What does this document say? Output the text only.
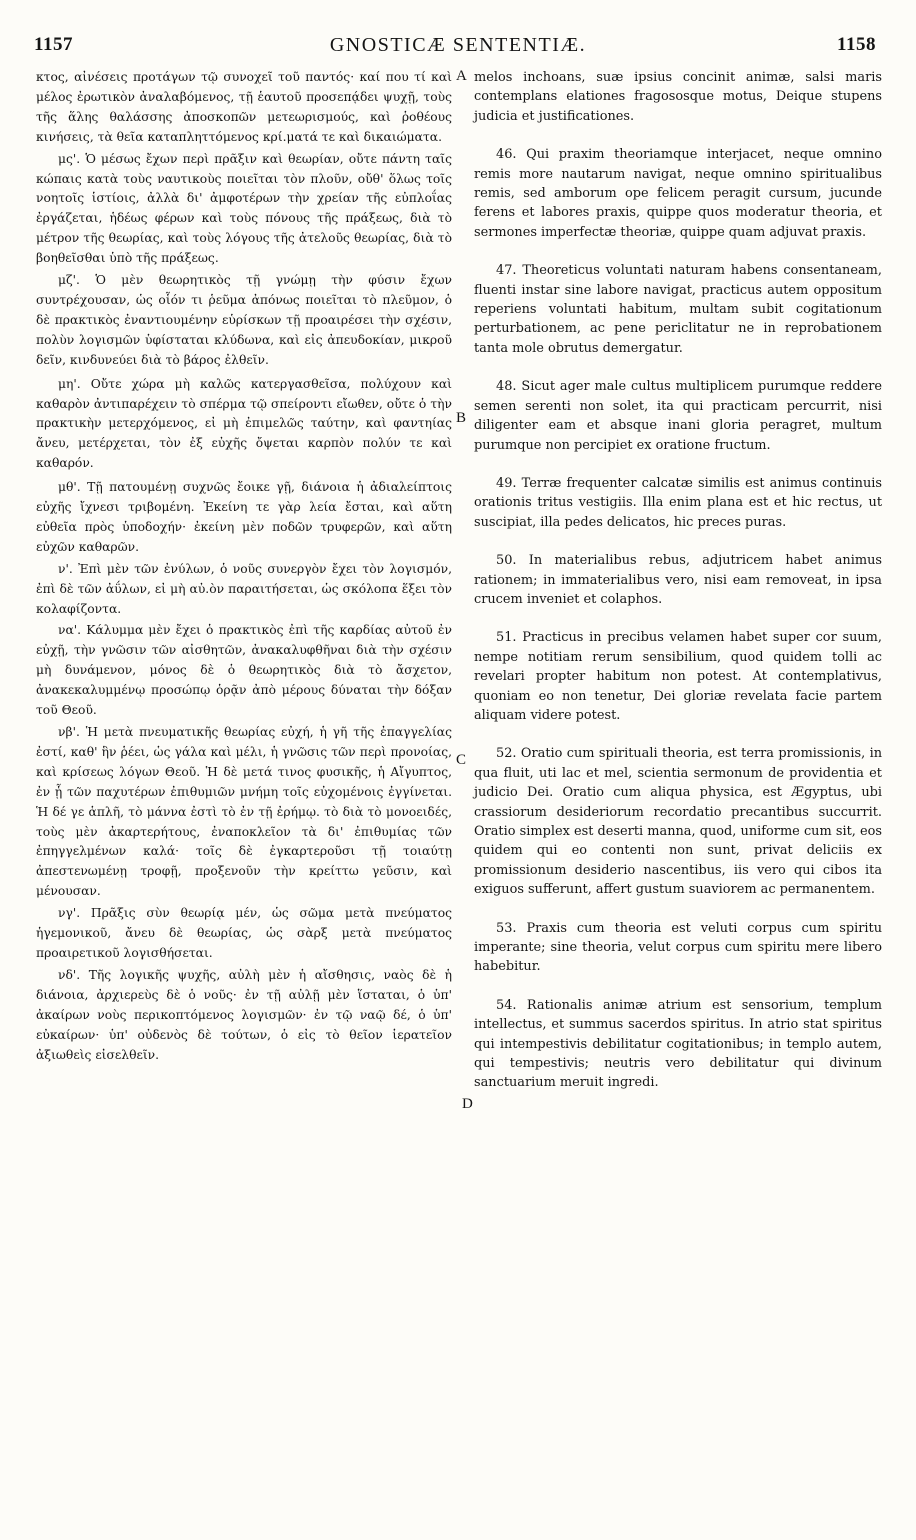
1157	GNOSTICÆ SENTENTIÆ.	1158

κτος, αἰνέσεις προτάγων τῷ συνοχεῖ τοῦ παντός· καί που τί καὶ μέλος ἐρωτικὸν ἀναλαβόμενος, τῇ ἑαυτοῦ προσεπᾴδει ψυχῇ, τοὺς τῆς ἅλης θαλάσσης ἀποσκοπῶν μετεωρισμούς, καὶ ῥοθέους κινήσεις, τὰ θεῖα καταπληττόμενος κρί.ματά τε καὶ δικαιώματα.

μς'. Ὁ μέσως ἔχων περὶ πρᾶξιν καὶ θεωρίαν, οὔτε πάντη ταῖς κώπαις κατὰ τοὺς ναυτικοὺς ποιεῖται τὸν πλοῦν, οὔθ' ὅλως τοῖς νοητοῖς ἱστίοις, ἀλλὰ δι' ἀμφοτέρων τὴν χρείαν τῆς εὐπλοΐας ἐργάζεται, ἡδέως φέρων καὶ τοὺς πόνους τῆς πράξεως, διὰ τὸ μέτρον τῆς θεωρίας, καὶ τοὺς λόγους τῆς ἀτελοῦς θεωρίας, διὰ τὸ βοηθεῖσθαι ὑπὸ τῆς πράξεως.

μζ'. Ὁ μὲν θεωρητικὸς τῇ γνώμῃ τὴν φύσιν ἔχων συντρέχουσαν, ὡς οἷόν τι ῥεῦμα ἀπόνως ποιεῖται τὸ πλεῦμον, ὁ δὲ πρακτικὸς ἐναντιουμένην εὑρίσκων τῇ προαιρέσει τὴν σχέσιν, πολὺν λογισμῶν ὑφίσταται κλύδωνα, καὶ εἰς ἀπευδοκίαν, μικροῦ δεῖν, κινδυνεύει διὰ τὸ βάρος ἐλθεῖν.

μη'. Οὔτε χώρα μὴ καλῶς κατεργασθεῖσα, πολύχουν καὶ καθαρὸν ἀντιπαρέχειν τὸ σπέρμα τῷ σπείροντι εἴωθεν, οὔτε ὁ τὴν πρακτικὴν μετερχόμενος, εἰ μὴ ἐπιμελῶς ταύτην, καὶ φαντηίας ἄνευ, μετέρχεται, τὸν ἐξ εὐχῆς ὄψεται καρπὸν πολύν τε καὶ καθαρόν.

μθ'. Τῇ πατουμένῃ συχνῶς ἔοικε γῇ, διάνοια ἡ ἀδιαλείπτοις εὐχῆς ἴχνεσι τριβομένη. Ἐκείνη τε γὰρ λεία ἔσται, καὶ αὕτη εὐθεῖα πρὸς ὑποδοχήν· ἐκείνη μὲν ποδῶν τρυφερῶν, καὶ αὕτη εὐχῶν καθαρῶν.

ν'. Ἐπὶ μὲν τῶν ἐνύλων, ὁ νοῦς συνεργὸν ἔχει τὸν λογισμόν, ἐπὶ δὲ τῶν ἀΰλων, εἰ μὴ αὐ.ὸν παραιτήσεται, ὡς σκόλοπα ἕξει τὸν κολαφίζοντα.

να'. Κάλυμμα μὲν ἔχει ὁ πρακτικὸς ἐπὶ τῆς καρδίας αὐτοῦ ἐν εὐχῇ, τὴν γνῶσιν τῶν αἰσθητῶν, ἀνακαλυφθῆναι διὰ τὴν σχέσιν μὴ δυνάμενον, μόνος δὲ ὁ θεωρητικὸς διὰ τὸ ἄσχετον, ἀνακεκαλυμμένῳ προσώπῳ ὁρᾷν ἀπὸ μέρους δύναται τὴν δόξαν τοῦ Θεοῦ.

νβ'. Ἡ μετὰ πνευματικῆς θεωρίας εὐχή, ἡ γῆ τῆς ἐπαγγελίας ἐστί, καθ' ἣν ῥέει, ὡς γάλα καὶ μέλι, ἡ γνῶσις τῶν περὶ προνοίας, καὶ κρίσεως λόγων Θεοῦ. Ἡ δὲ μετά τινος φυσικῆς, ἡ Αἴγυπτος, ἐν ᾗ τῶν παχυτέρων ἐπιθυμιῶν μνήμη τοῖς εὐχομένοις ἐγγίνεται. Ἡ δέ γε ἁπλῆ, τὸ μάννα ἐστὶ τὸ ἐν τῇ ἐρήμῳ. τὸ διὰ τὸ μονοειδές, τοὺς μὲν ἀκαρτερήτους, ἐναποκλεῖον τὰ δι' ἐπιθυμίας τῶν ἐπηγγελμένων καλά· τοῖς δὲ ἐγκαρτεροῦσι τῇ τοιαύτῃ ἀπεστενωμένῃ τροφῇ, προξενοῦν τὴν κρείττω γεῦσιν, καὶ μένουσαν.

νγ'. Πρᾶξις σὺν θεωρίᾳ μέν, ὡς σῶμα μετὰ πνεύματος ἡγεμονικοῦ, ἄνευ δὲ θεωρίας, ὡς σὰρξ μετὰ πνεύματος προαιρετικοῦ λογισθήσεται.

νδ'. Τῆς λογικῆς ψυχῆς, αὐλὴ μὲν ἡ αἴσθησις, ναὸς δὲ ἡ διάνοια, ἀρχιερεὺς δὲ ὁ νοῦς· ἐν τῇ αὐλῇ μὲν ἵσταται, ὁ ὑπ' ἀκαίρων νοὺς περικοπτόμενος λογισμῶν· ἐν τῷ ναῷ δέ, ὁ ὑπ' εὐκαίρων· ὑπ' οὐδενὸς δὲ τούτων, ὁ εἰς τὸ θεῖον ἱερατεῖον ἀξιωθεὶς εἰσελθεῖν.

A
B
C
D

melos inchoans, suæ ipsius concinit animæ, salsi maris contemplans elationes fragososque motus, Deique stupens judicia et justificationes.

46. Qui praxim theoriamque interjacet, neque omnino remis more nautarum navigat, neque omnino spiritualibus remis, sed amborum ope felicem peragit cursum, jucunde ferens et labores praxis, quippe quos moderatur theoria, et sermones imperfectæ theoriæ, quippe quam adjuvat praxis.

47. Theoreticus voluntati naturam habens consentaneam, fluenti instar sine labore navigat, practicus autem oppositum reperiens voluntati habitum, multam subit cogitationum perturbationem, ac pene periclitatur ne in reprobationem tanta mole obrutus demergatur.

48. Sicut ager male cultus multiplicem purumque reddere semen serenti non solet, ita qui practicam percurrit, nisi diligenter eam et absque inani gloria peragret, multum purumque non percipiet ex oratione fructum.

49. Terræ frequenter calcatæ similis est animus continuis orationis tritus vestigiis. Illa enim plana est et hic rectus, ut suscipiat, illa pedes delicatos, hic preces puras.

50. In materialibus rebus, adjutricem habet animus rationem; in immaterialibus vero, nisi eam removeat, in ipsa crucem inveniet et colaphos.

51. Practicus in precibus velamen habet super cor suum, nempe notitiam rerum sensibilium, quod quidem tolli ac revelari propter habitum non potest. At contemplativus, quoniam eo non tenetur, Dei gloriæ revelata facie partem aliquam videre potest.

52. Oratio cum spirituali theoria, est terra promissionis, in qua fluit, uti lac et mel, scientia sermonum de providentia et judicio Dei. Oratio cum aliqua physica, est Ægyptus, ubi crassiorum desideriorum recordatio precantibus succurrit. Oratio simplex est deserti manna, quod, uniforme cum sit, eos quidem qui eo contenti non sunt, privat deliciis ex promissionum desiderio nascentibus, iis vero qui cibos ita exiguos sufferunt, affert gustum suaviorem ac permanentem.

53. Praxis cum theoria est veluti corpus cum spiritu imperante; sine theoria, velut corpus cum spiritu mere libero habebitur.

54. Rationalis animæ atrium est sensorium, templum intellectus, et summus sacerdos spiritus. In atrio stat spiritus qui intempestivis debilitatur cogitationibus; in templo autem, qui tempestivis; neutris vero debilitatur qui divinum sanctuarium meruit ingredi.
